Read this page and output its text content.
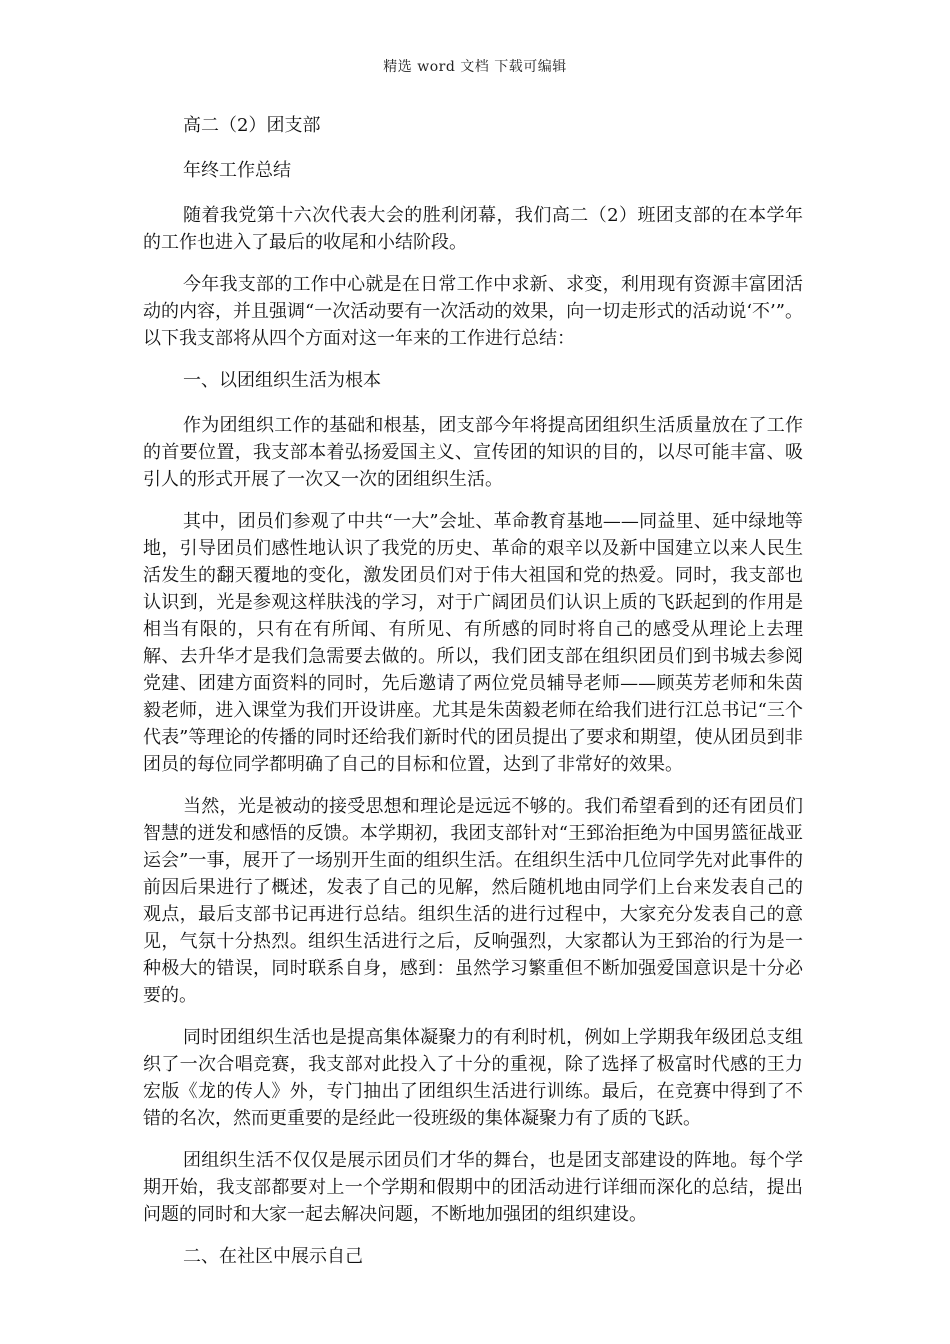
精选 word 文档 下载可编辑

高二（2）团支部

年终工作总结

随着我党第十六次代表大会的胜利闭幕，我们高二（2）班团支部的在本学年的工作也进入了最后的收尾和小结阶段。

今年我支部的工作中心就是在日常工作中求新、求变，利用现有资源丰富团活动的内容，并且强调“一次活动要有一次活动的效果，向一切走形式的活动说‘不’”。以下我支部将从四个方面对这一年来的工作进行总结：

一、以团组织生活为根本

作为团组织工作的基础和根基，团支部今年将提高团组织生活质量放在了工作的首要位置，我支部本着弘扬爱国主义、宣传团的知识的目的，以尽可能丰富、吸引人的形式开展了一次又一次的团组织生活。

其中，团员们参观了中共“一大”会址、革命教育基地——同益里、延中绿地等地，引导团员们感性地认识了我党的历史、革命的艰辛以及新中国建立以来人民生活发生的翻天覆地的变化，激发团员们对于伟大祖国和党的热爱。同时，我支部也认识到，光是参观这样肤浅的学习，对于广阔团员们认识上质的飞跃起到的作用是相当有限的，只有在有所闻、有所见、有所感的同时将自己的感受从理论上去理解、去升华才是我们急需要去做的。所以，我们团支部在组织团员们到书城去参阅党建、团建方面资料的同时，先后邀请了两位党员辅导老师——顾英芳老师和朱茵毅老师，进入课堂为我们开设讲座。尤其是朱茵毅老师在给我们进行江总书记“三个代表”等理论的传播的同时还给我们新时代的团员提出了要求和期望，使从团员到非团员的每位同学都明确了自己的目标和位置，达到了非常好的效果。

当然，光是被动的接受思想和理论是远远不够的。我们希望看到的还有团员们智慧的迸发和感悟的反馈。本学期初，我团支部针对“王郅治拒绝为中国男篮征战亚运会”一事，展开了一场别开生面的组织生活。在组织生活中几位同学先对此事件的前因后果进行了概述，发表了自己的见解，然后随机地由同学们上台来发表自己的观点，最后支部书记再进行总结。组织生活的进行过程中，大家充分发表自己的意见，气氛十分热烈。组织生活进行之后，反响强烈，大家都认为王郅治的行为是一种极大的错误，同时联系自身，感到：虽然学习繁重但不断加强爱国意识是十分必要的。

同时团组织生活也是提高集体凝聚力的有利时机，例如上学期我年级团总支组织了一次合唱竞赛，我支部对此投入了十分的重视，除了选择了极富时代感的王力宏版《龙的传人》外，专门抽出了团组织生活进行训练。最后，在竞赛中得到了不错的名次，然而更重要的是经此一役班级的集体凝聚力有了质的飞跃。

团组织生活不仅仅是展示团员们才华的舞台，也是团支部建设的阵地。每个学期开始，我支部都要对上一个学期和假期中的团活动进行详细而深化的总结，提出问题的同时和大家一起去解决问题，不断地加强团的组织建设。

二、在社区中展示自己
